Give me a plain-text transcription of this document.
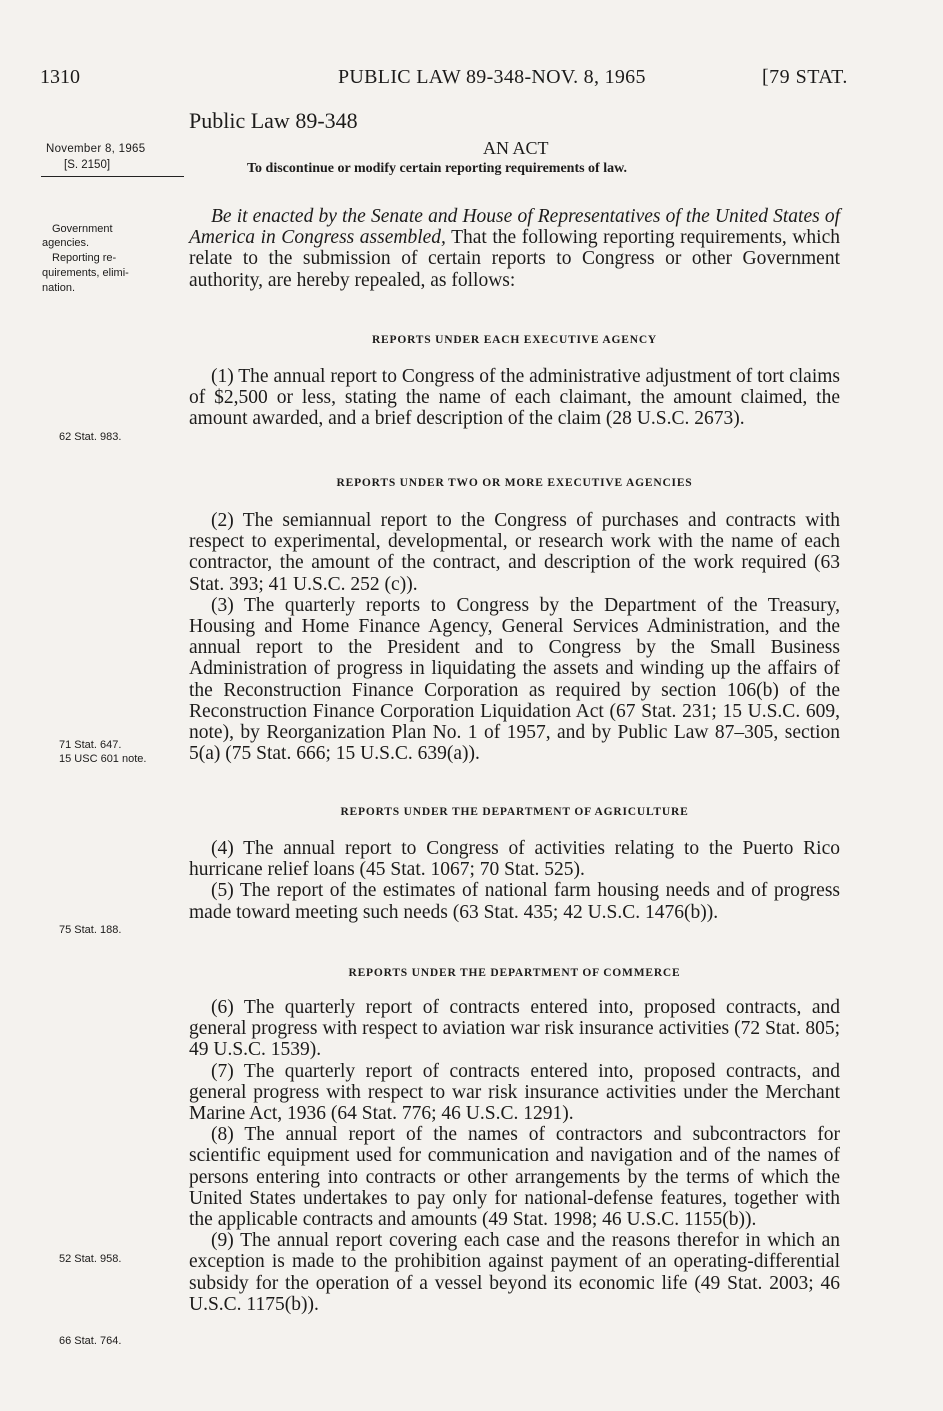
1310	PUBLIC LAW 89-348-NOV. 8, 1965	[79 STAT.
Public Law 89-348
AN ACT
To discontinue or modify certain reporting requirements of law.
November 8, 1965
[S. 2150]
Government
agencies.
Reporting re-
quirements, elimi-
nation.
62 Stat. 983.
71 Stat. 647.
15 USC 601 note.
75 Stat. 188.
52 Stat. 958.
66 Stat. 764.

Be it enacted by the Senate and House of Representatives of the United States of America in Congress assembled, That the following reporting requirements, which relate to the submission of certain reports to Congress or other Government authority, are hereby repealed, as follows:

REPORTS UNDER EACH EXECUTIVE AGENCY

(1) The annual report to Congress of the administrative adjustment of tort claims of $2,500 or less, stating the name of each claimant, the amount claimed, the amount awarded, and a brief description of the claim (28 U.S.C. 2673).

REPORTS UNDER TWO OR MORE EXECUTIVE AGENCIES

(2) The semiannual report to the Congress of purchases and contracts with respect to experimental, developmental, or research work with the name of each contractor, the amount of the contract, and description of the work required (63 Stat. 393; 41 U.S.C. 252 (c)).

(3) The quarterly reports to Congress by the Department of the Treasury, Housing and Home Finance Agency, General Services Administration, and the annual report to the President and to Congress by the Small Business Administration of progress in liquidating the assets and winding up the affairs of the Reconstruction Finance Corporation as required by section 106(b) of the Reconstruction Finance Corporation Liquidation Act (67 Stat. 231; 15 U.S.C. 609, note), by Reorganization Plan No. 1 of 1957, and by Public Law 87–305, section 5(a) (75 Stat. 666; 15 U.S.C. 639(a)).

REPORTS UNDER THE DEPARTMENT OF AGRICULTURE

(4) The annual report to Congress of activities relating to the Puerto Rico hurricane relief loans (45 Stat. 1067; 70 Stat. 525).

(5) The report of the estimates of national farm housing needs and of progress made toward meeting such needs (63 Stat. 435; 42 U.S.C. 1476(b)).

REPORTS UNDER THE DEPARTMENT OF COMMERCE

(6) The quarterly report of contracts entered into, proposed contracts, and general progress with respect to aviation war risk insurance activities (72 Stat. 805; 49 U.S.C. 1539).

(7) The quarterly report of contracts entered into, proposed contracts, and general progress with respect to war risk insurance activities under the Merchant Marine Act, 1936 (64 Stat. 776; 46 U.S.C. 1291).

(8) The annual report of the names of contractors and subcontractors for scientific equipment used for communication and navigation and of the names of persons entering into contracts or other arrangements by the terms of which the United States undertakes to pay only for national-defense features, together with the applicable contracts and amounts (49 Stat. 1998; 46 U.S.C. 1155(b)).

(9) The annual report covering each case and the reasons therefor in which an exception is made to the prohibition against payment of an operating-differential subsidy for the operation of a vessel beyond its economic life (49 Stat. 2003; 46 U.S.C. 1175(b)).
